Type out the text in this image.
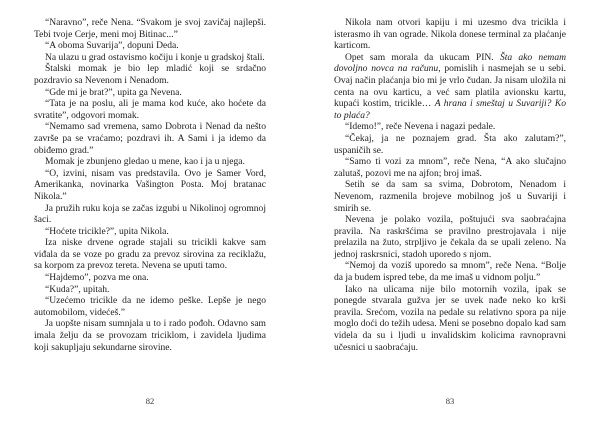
“Naravno”, reče Nena. “Svakom je svoj zavičaj najlepši. Tebi tvoje Cerje, meni moj Bitinac...”

“A oboma Suvarija”, dopuni Deda.

Na ulazu u grad ostavismo kočiju i konje u gradskoj štali.

Štalski momak je bio lep mladić koji se srdačno pozdravio sa Nevenom i Nenadom.

“Gde mi je brat?”, upita ga Nevena.

“Tata je na poslu, ali je mama kod kuće, ako hoćete da svratite”, odgovori momak.

“Nemamo sad vremena, samo Dobrota i Nenad da nešto završe pa se vraćamo; pozdravi ih. A Sami i ja idemo da obiđemo grad.”

Momak je zbunjeno gledao u mene, kao i ja u njega.

“O, izvini, nisam vas predstavila. Ovo je Samer Vord, Amerikanka, novinarka Vašington Posta. Moj bratanac Nikola.”

Ja pružih ruku koja se začas izgubi u Nikolinoj ogromnoj šaci.

“Hoćete tricikle?”, upita Nikola.

Iza niske drvene ograde stajali su tricikli kakve sam viđala da se voze po gradu za prevoz sirovina za reciklažu, sa korpom za prevoz tereta. Nevena se uputi tamo.

“Hajdemo”, pozva me ona.

“Kuda?”, upitah.

“Uzećemo tricikle da ne idemo peške. Lepše je nego automobilom, videćeš.”

Ja uopšte nisam sumnjala u to i rado pođoh. Odavno sam imala želju da se provozam triciklom, i zavidela ljudima koji sakupljaju sekundarne sirovine.

82

Nikola nam otvori kapiju i mi uzesmo dva tricikla i isterasmo ih van ograde. Nikola donese terminal za plaćanje karticom.

Opet sam morala da ukucam PIN. Šta ako nemam dovoljno novca na računu, pomislih i nasmejah se u sebi. Ovaj način plaćanja bio mi je vrlo čudan. Ja nisam uložila ni centa na ovu karticu, a već sam platila avionsku kartu, kupaći kostim, tricikle… A hrana i smeštaj u Suvariji? Ko to plaća?

“Idemo!”, reče Nevena i nagazi pedale.

“Čekaj, ja ne poznajem grad. Šta ako zalutam?”, uspaničih se.

“Samo ti vozi za mnom”, reče Nena, “A ako slučajno zalutaš, pozovi me na ajfon; broj imaš.

Setih se da sam sa svima, Dobrotom, Nenadom i Nevenom, razmenila brojeve mobilnog još u Suvariji i smirih se.

Nevena je polako vozila, poštujući sva saobraćajna pravila. Na raskršćima se pravilno prestrojavala i nije prelazila na žuto, strpljivo je čekala da se upali zeleno. Na jednoj raskrsnici, stadoh uporedo s njom.

“Nemoj da voziš uporedo sa mnom”, reče Nena. “Bolje da ja budem ispred tebe, da me imaš u vidnom polju.”

Iako na ulicama nije bilo motornih vozila, ipak se ponegde stvarala gužva jer se uvek nađe neko ko krši pravila. Srećom, vozila na pedale su relativno spora pa nije moglo doći do težih udesa. Meni se posebno dopalo kad sam videla da su i ljudi u invalidskim kolicima ravnopravni učesnici u saobraćaju.

83
